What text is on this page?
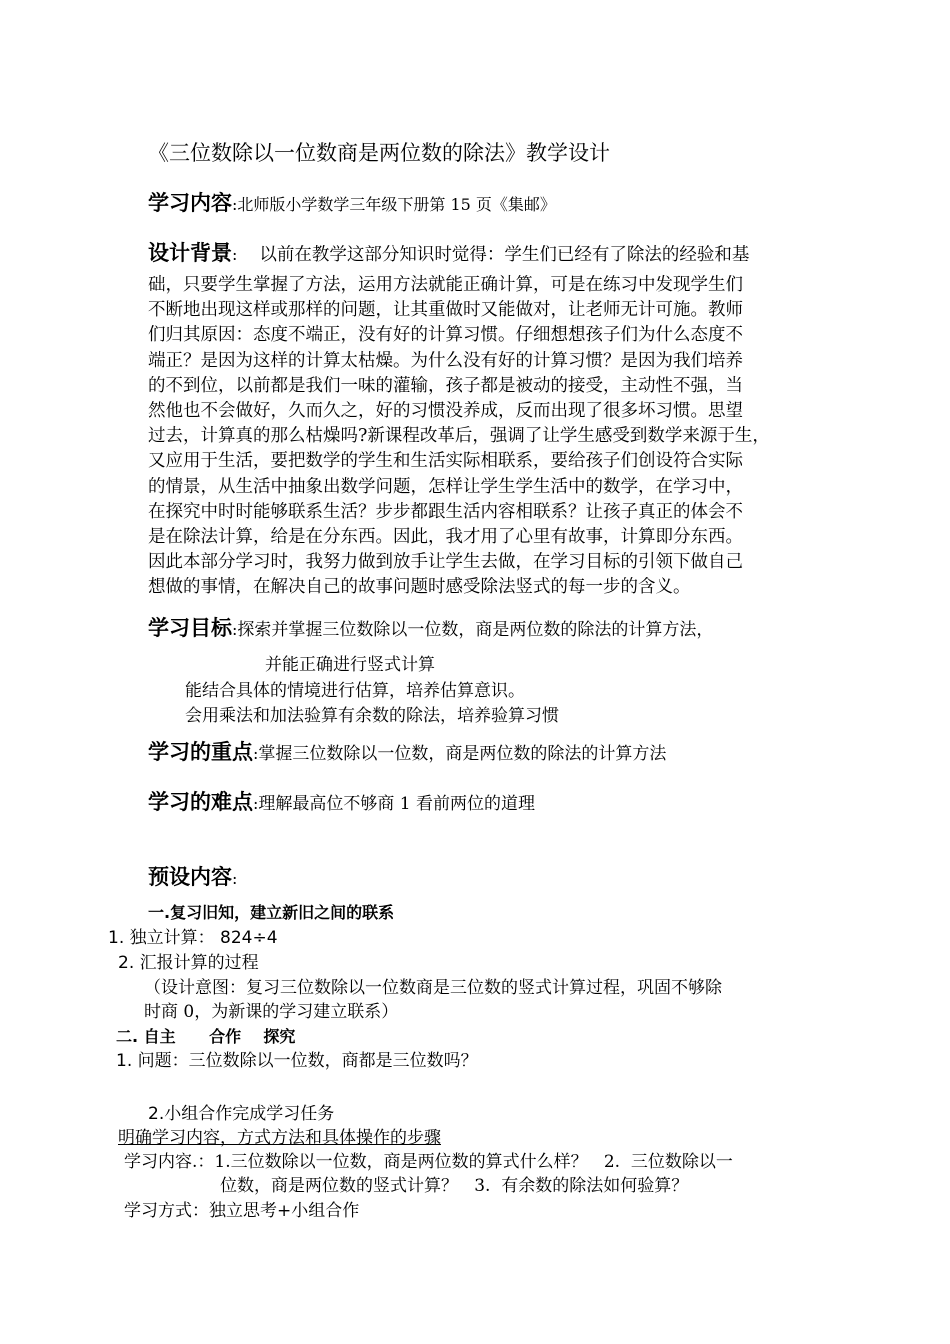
《三位数除以一位数商是两位数的除法》教学设计
学习内容:北师版小学数学三年级下册第 15 页《集邮》
设计背景: 以前在教学这部分知识时觉得：学生们已经有了除法的经验和基
础，只要学生掌握了方法，运用方法就能正确计算，可是在练习中发现学生们
不断地出现这样或那样的问题，让其重做时又能做对，让老师无计可施。教师
们归其原因：态度不端正，没有好的计算习惯。仔细想想孩子们为什么态度不
端正？是因为这样的计算太枯燥。为什么没有好的计算习惯？是因为我们培养
的不到位，以前都是我们一味的灌输，孩子都是被动的接受，主动性不强，当
然他也不会做好，久而久之，好的习惯没养成，反而出现了很多坏习惯。思望
过去，计算真的那么枯燥吗?新课程改革后，强调了让学生感受到数学来源于生，
又应用于生活，要把数学的学生和生活实际相联系，要给孩子们创设符合实际
的情景，从生活中抽象出数学问题，怎样让学生学生活中的数学，在学习中，
在探究中时时能够联系生活？步步都跟生活内容相联系？让孩子真正的体会不
是在除法计算，给是在分东西。因此，我才用了心里有故事，计算即分东西。
因此本部分学习时，我努力做到放手让学生去做，在学习目标的引领下做自己
想做的事情，在解决自己的故事问题时感受除法竖式的每一步的含义。
学习目标:探索并掌握三位数除以一位数，商是两位数的除法的计算方法，
并能正确进行竖式计算
能结合具体的情境进行估算，培养估算意识。
会用乘法和加法验算有余数的除法，培养验算习惯
学习的重点:掌握三位数除以一位数，商是两位数的除法的计算方法
学习的难点:理解最高位不够商 1 看前两位的道理
预设内容:
一.复习旧知，建立新旧之间的联系
1. 独立计算： 824÷4
2. 汇报计算的过程
（设计意图：复习三位数除以一位数商是三位数的竖式计算过程，巩固不够除
时商 0，为新课的学习建立联系）
二. 自主      合作    探究
1. 问题：三位数除以一位数，商都是三位数吗？
2.小组合作完成学习任务
明确学习内容，方式方法和具体操作的步骤
学习内容.：1.三位数除以一位数，商是两位数的算式什么样？   2.  三位数除以一
位数，商是两位数的竖式计算？   3.  有余数的除法如何验算？
学习方式：独立思考+小组合作
